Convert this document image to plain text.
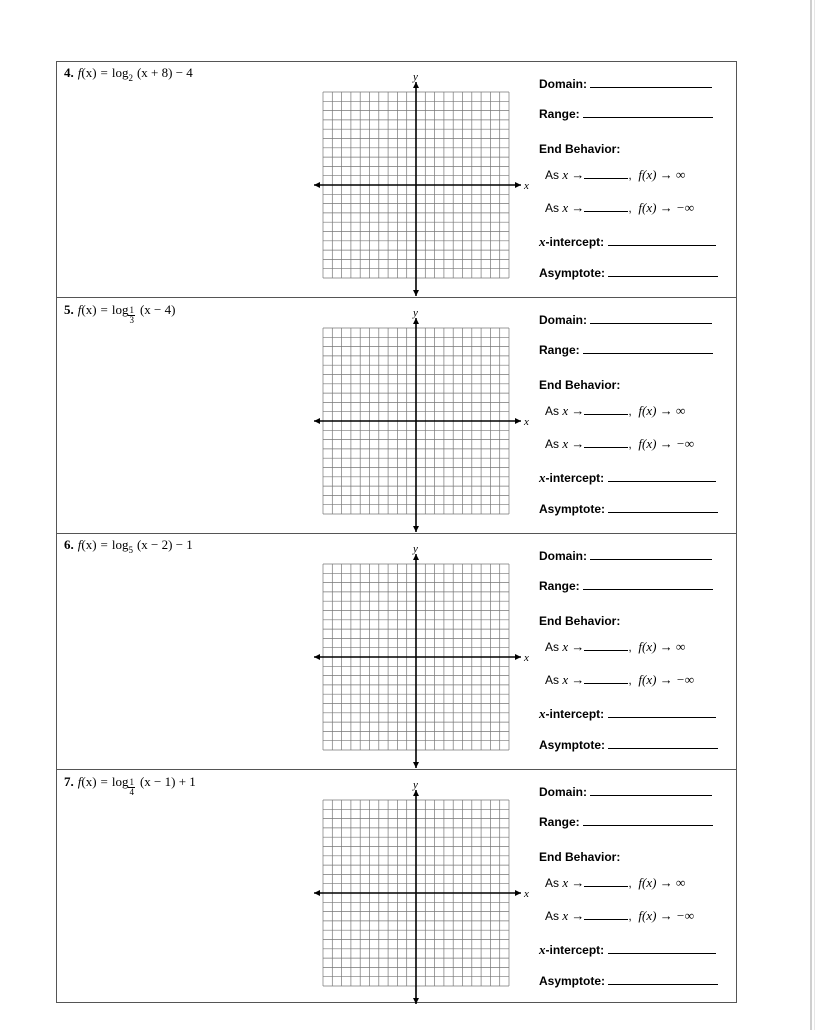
4. $f(x) = \log_2 (x + 8) - 4$	y
x
Domain:
Range:
End Behavior:
As x →	,  f(x) → ∞
As x →	,  f(x) → −∞
x-intercept:
Asymptote:
5. $f(x) = \log \frac{1}{3} (x - 4)$	y
x
Domain:
Range:
End Behavior:
As x →	,  f(x) → ∞
As x →	,  f(x) → −∞
x-intercept:
Asymptote:
6. $f(x) = \log_5 (x - 2) - 1$	y
x
Domain:
Range:
End Behavior:
As x →	,  f(x) → ∞
As x →	,  f(x) → −∞
x-intercept:
Asymptote:
7. $f(x) = \log \frac{1}{4} (x - 1) + 1$	y
x
Domain:
Range:
End Behavior:
As x →	,  f(x) → ∞
As x →	,  f(x) → −∞
x-intercept:
Asymptote:
